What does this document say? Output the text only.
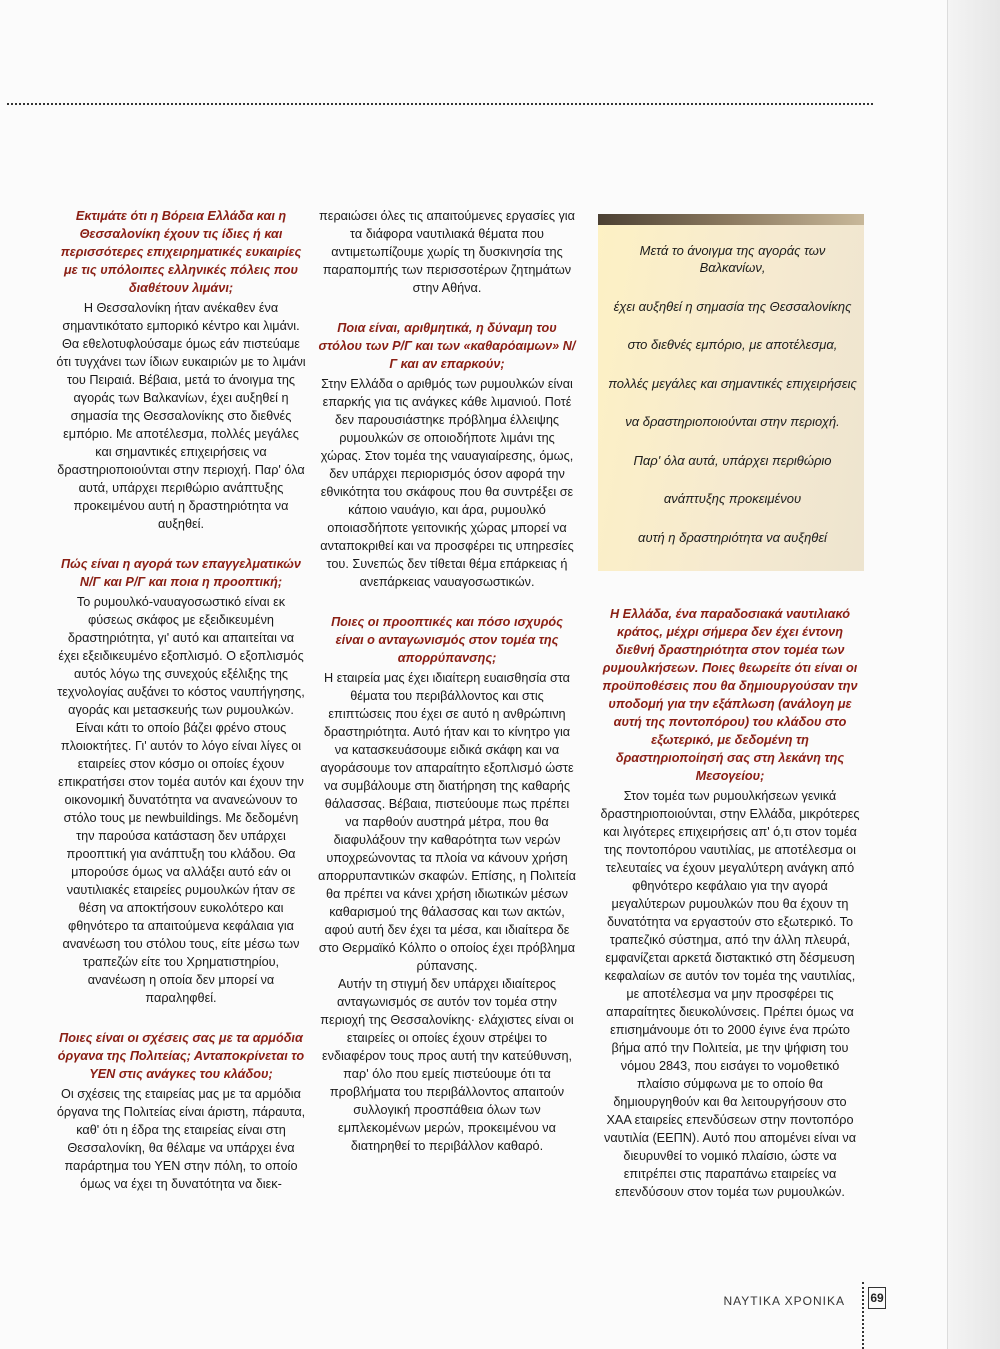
Εκτιμάτε ότι η Βόρεια Ελλάδα και η Θεσσαλονίκη έχουν τις ίδιες ή και περισσότερες επιχειρηματικές ευκαιρίες με τις υπόλοιπες ελληνικές πόλεις που διαθέτουν λιμάνι;

Η Θεσσαλονίκη ήταν ανέκαθεν ένα σημαντικότατο εμπορικό κέντρο και λιμάνι. Θα εθελοτυφλούσαμε όμως εάν πιστεύαμε ότι τυγχάνει των ίδιων ευκαιριών με το λιμάνι του Πειραιά. Βέβαια, μετά το άνοιγμα της αγοράς των Βαλκανίων, έχει αυξηθεί η σημασία της Θεσσαλονίκης στο διεθνές εμπόριο. Με αποτέλεσμα, πολλές μεγάλες και σημαντικές επιχειρήσεις να δραστηριοποιούνται στην περιοχή. Παρ' όλα αυτά, υπάρχει περιθώριο ανάπτυξης προκειμένου αυτή η δραστηριότητα να αυξηθεί.

Πώς είναι η αγορά των επαγγελματικών Ν/Γ και Ρ/Γ και ποια η προοπτική;

Το ρυμουλκό-ναυαγοσωστικό είναι εκ φύσεως σκάφος με εξειδικευμένη δραστηριότητα, γι' αυτό και απαιτείται να έχει εξειδικευμένο εξοπλισμό. Ο εξοπλισμός αυτός λόγω της συνεχούς εξέλιξης της τεχνολογίας αυξάνει το κόστος ναυπήγησης, αγοράς και μετασκευής των ρυμουλκών. Είναι κάτι το οποίο βάζει φρένο στους πλοιοκτήτες. Γι' αυτόν το λόγο είναι λίγες οι εταιρείες στον κόσμο οι οποίες έχουν επικρατήσει στον τομέα αυτόν και έχουν την οικονομική δυνατότητα να ανανεώνουν το στόλο τους με newbuildings. Με δεδομένη την παρούσα κατάσταση δεν υπάρχει προοπτική για ανάπτυξη του κλάδου. Θα μπορούσε όμως να αλλάξει αυτό εάν οι ναυτιλιακές εταιρείες ρυμουλκών ήταν σε θέση να αποκτήσουν ευκολότερο και φθηνότερο τα απαιτούμενα κεφάλαια για ανανέωση του στόλου τους, είτε μέσω των τραπεζών είτε του Χρηματιστηρίου, ανανέωση η οποία δεν μπορεί να παραληφθεί.

Ποιες είναι οι σχέσεις σας με τα αρμόδια όργανα της Πολιτείας; Ανταποκρίνεται το ΥΕΝ στις ανάγκες του κλάδου;

Οι σχέσεις της εταιρείας μας με τα αρμόδια όργανα της Πολιτείας είναι άριστη, πάραυτα, καθ' ότι η έδρα της εταιρείας είναι στη Θεσσαλονίκη, θα θέλαμε να υπάρχει ένα παράρτημα του ΥΕΝ στην πόλη, το οποίο όμως να έχει τη δυνατότητα να διεκ-

περαιώσει όλες τις απαιτούμενες εργασίες για τα διάφορα ναυτιλιακά θέματα που αντιμετωπίζουμε χωρίς τη δυσκινησία της παραπομπής των περισσοτέρων ζητημάτων στην Αθήνα.

Ποια είναι, αριθμητικά, η δύναμη του στόλου των Ρ/Γ και των «καθαρόαιμων» Ν/Γ και αν επαρκούν;

Στην Ελλάδα ο αριθμός των ρυμουλκών είναι επαρκής για τις ανάγκες κάθε λιμανιού. Ποτέ δεν παρουσιάστηκε πρόβλημα έλλειψης ρυμουλκών σε οποιοδήποτε λιμάνι της χώρας. Στον τομέα της ναυαγιαίρεσης, όμως, δεν υπάρχει περιορισμός όσον αφορά την εθνικότητα του σκάφους που θα συντρέξει σε κάποιο ναυάγιο, και άρα, ρυμουλκό οποιασδήποτε γειτονικής χώρας μπορεί να ανταποκριθεί και να προσφέρει τις υπηρεσίες του. Συνεπώς δεν τίθεται θέμα επάρκειας ή ανεπάρκειας ναυαγοσωστικών.

Ποιες οι προοπτικές και πόσο ισχυρός είναι ο ανταγωνισμός στον τομέα της απορρύπανσης;

Η εταιρεία μας έχει ιδιαίτερη ευαισθησία στα θέματα του περιβάλλοντος και στις επιπτώσεις που έχει σε αυτό η ανθρώπινη δραστηριότητα. Αυτό ήταν και το κίνητρο για να κατασκευάσουμε ειδικά σκάφη και να αγοράσουμε τον απαραίτητο εξοπλισμό ώστε να συμβάλουμε στη διατήρηση της καθαρής θάλασσας. Βέβαια, πιστεύουμε πως πρέπει να παρθούν αυστηρά μέτρα, που θα διαφυλάξουν την καθαρότητα των νερών υποχρεώνοντας τα πλοία να κάνουν χρήση απορρυπαντικών σκαφών. Επίσης, η Πολιτεία θα πρέπει να κάνει χρήση ιδιωτικών μέσων καθαρισμού της θάλασσας και των ακτών, αφού αυτή δεν έχει τα μέσα, και ιδιαίτερα δε στο Θερμαϊκό Κόλπο ο οποίος έχει πρόβλημα ρύπανσης.

Αυτήν τη στιγμή δεν υπάρχει ιδιαίτερος ανταγωνισμός σε αυτόν τον τομέα στην περιοχή της Θεσσαλονίκης· ελάχιστες είναι οι εταιρείες οι οποίες έχουν στρέψει το ενδιαφέρον τους προς αυτή την κατεύθυνση, παρ' όλο που εμείς πιστεύουμε ότι τα προβλήματα του περιβάλλοντος απαιτούν συλλογική προσπάθεια όλων των εμπλεκομένων μερών, προκειμένου να διατηρηθεί το περιβάλλον καθαρό.

Μετά το άνοιγμα της αγοράς των Βαλκανίων,

έχει αυξηθεί η σημασία της Θεσσαλονίκης

στο διεθνές εμπόριο, με αποτέλεσμα,

πολλές μεγάλες και σημαντικές επιχειρήσεις

να δραστηριοποιούνται στην περιοχή.

Παρ' όλα αυτά, υπάρχει περιθώριο

ανάπτυξης προκειμένου

αυτή η δραστηριότητα να αυξηθεί

Η Ελλάδα, ένα παραδοσιακά ναυτιλιακό κράτος, μέχρι σήμερα δεν έχει έντονη διεθνή δραστηριότητα στον τομέα των ρυμουλκήσεων. Ποιες θεωρείτε ότι είναι οι προϋποθέσεις που θα δημιουργούσαν την υποδομή για την εξάπλωση (ανάλογη με αυτή της ποντοπόρου) του κλάδου στο εξωτερικό, με δεδομένη τη δραστηριοποίησή σας στη λεκάνη της Μεσογείου;

Στον τομέα των ρυμουλκήσεων γενικά δραστηριοποιούνται, στην Ελλάδα, μικρότερες και λιγότερες επιχειρήσεις απ' ό,τι στον τομέα της ποντοπόρου ναυτιλίας, με αποτέλεσμα οι τελευταίες να έχουν μεγαλύτερη ανάγκη από φθηνότερο κεφάλαιο για την αγορά μεγαλύτερων ρυμουλκών που θα έχουν τη δυνατότητα να εργαστούν στο εξωτερικό. Το τραπεζικό σύστημα, από την άλλη πλευρά, εμφανίζεται αρκετά διστακτικό στη δέσμευση κεφαλαίων σε αυτόν τον τομέα της ναυτιλίας, με αποτέλεσμα να μην προσφέρει τις απαραίτητες διευκολύνσεις. Πρέπει όμως να επισημάνουμε ότι το 2000 έγινε ένα πρώτο βήμα από την Πολιτεία, με την ψήφιση του νόμου 2843, που εισάγει το νομοθετικό πλαίσιο σύμφωνα με το οποίο θα δημιουργηθούν και θα λειτουργήσουν στο ΧΑΑ εταιρείες επενδύσεων στην ποντοπόρο ναυτιλία (ΕΕΠΝ). Αυτό που απομένει είναι να διευρυνθεί το νομικό πλαίσιο, ώστε να επιτρέπει στις παραπάνω εταιρείες να επενδύσουν στον τομέα των ρυμουλκών.

ΝΑΥΤΙΚΑ ΧΡΟΝΙΚΑ 69
